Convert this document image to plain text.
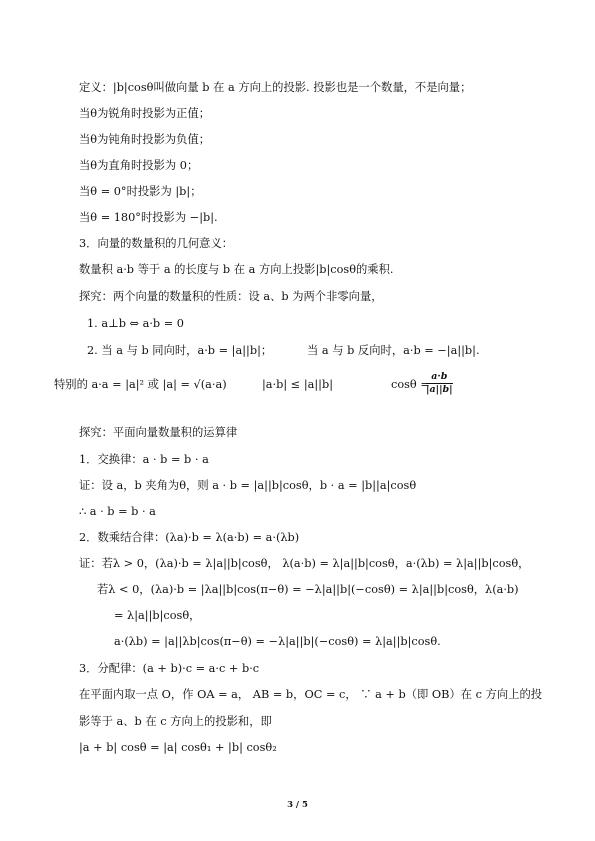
定义：|b|cosθ叫做向量 b 在 a 方向上的投影. 投影也是一个数量，不是向量；
当θ为锐角时投影为正值；
当θ为钝角时投影为负值；
当θ为直角时投影为 0；
当θ = 0°时投影为 |b|；
当θ = 180°时投影为 −|b|.
3．向量的数量积的几何意义：
数量积 a·b 等于 a 的长度与 b 在 a 方向上投影|b|cosθ的乘积.
探究：两个向量的数量积的性质：设 a、b 为两个非零向量，
1. a⊥b ⇔ a·b = 0
2. 当 a 与 b 同向时，a·b = |a||b|；	当 a 与 b 反向时，a·b = −|a||b|.
特别的 a·a = |a|² 或 |a| = √(a·a)	|a·b| ≤ |a||b|	cosθ =
$\frac{a\cdot b}{|a||b|}$
探究：平面向量数量积的运算律
1．交换律：a · b = b · a
证：设 a，b 夹角为θ，则 a · b = |a||b|cosθ，b · a = |b||a|cosθ
∴ a · b = b · a
2．数乘结合律：(λa)·b = λ(a·b) = a·(λb)
证：若λ > 0，(λa)·b = λ|a||b|cosθ， λ(a·b) = λ|a||b|cosθ，a·(λb) = λ|a||b|cosθ，
若λ < 0，(λa)·b = |λa||b|cos(π−θ) = −λ|a||b|(−cosθ) = λ|a||b|cosθ，λ(a·b)
= λ|a||b|cosθ，
a·(λb) = |a||λb|cos(π−θ) = −λ|a||b|(−cosθ) = λ|a||b|cosθ.
3．分配律：(a + b)·c = a·c + b·c
在平面内取一点 O，作 OA = a， AB = b，OC = c， ∵ a + b（即 OB）在 c 方向上的投
影等于 a、b 在 c 方向上的投影和，即
|a + b| cosθ = |a| cosθ₁ + |b| cosθ₂
3 / 5
